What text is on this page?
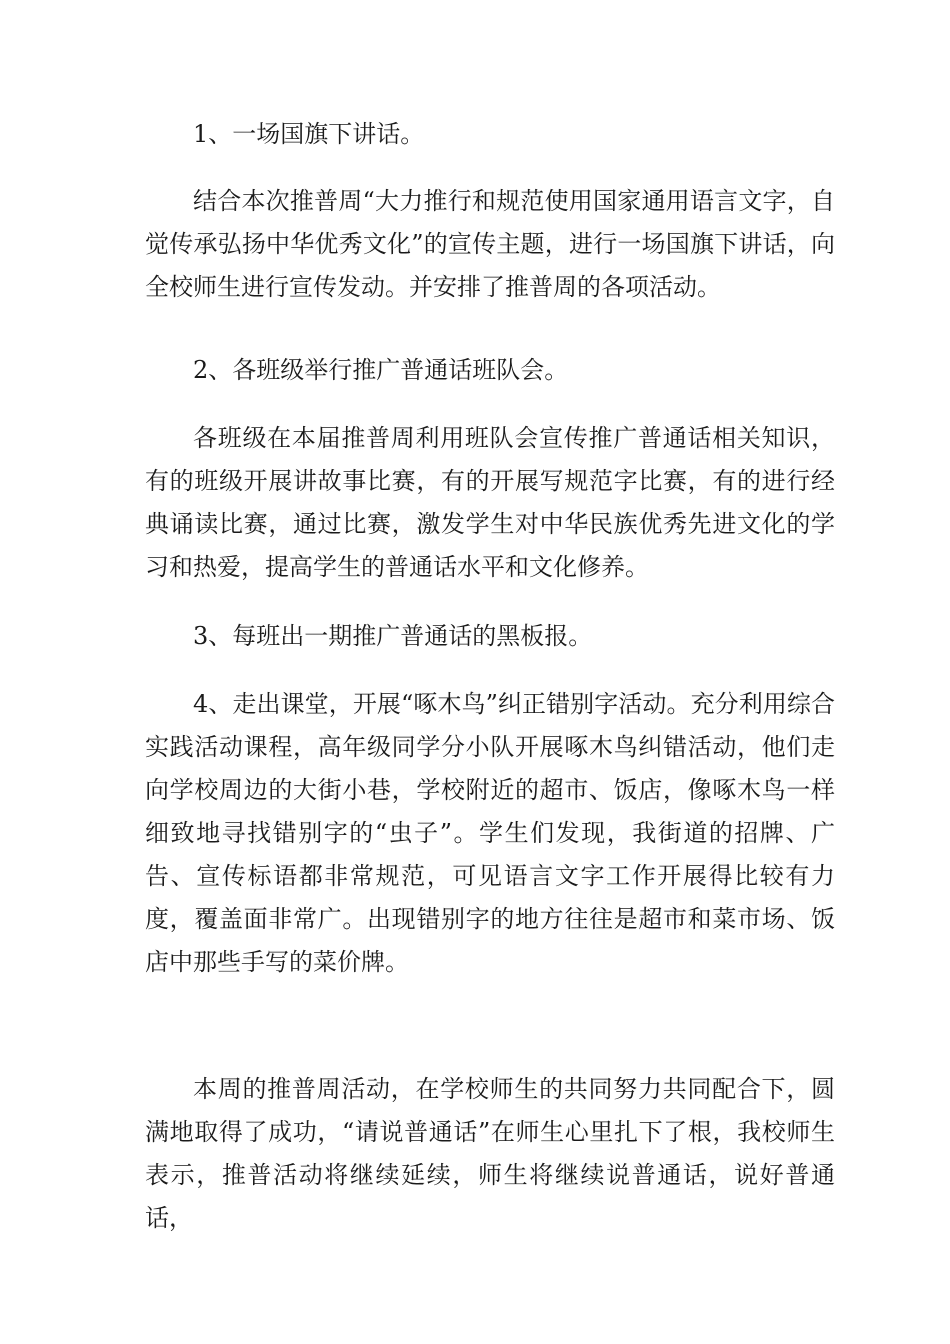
1、一场国旗下讲话。

结合本次推普周“大力推行和规范使用国家通用语言文字，自觉传承弘扬中华优秀文化”的宣传主题，进行一场国旗下讲话，向全校师生进行宣传发动。并安排了推普周的各项活动。

2、各班级举行推广普通话班队会。

各班级在本届推普周利用班队会宣传推广普通话相关知识，有的班级开展讲故事比赛，有的开展写规范字比赛，有的进行经典诵读比赛，通过比赛，激发学生对中华民族优秀先进文化的学习和热爱，提高学生的普通话水平和文化修养。

3、每班出一期推广普通话的黑板报。

4、走出课堂，开展“啄木鸟”纠正错别字活动。充分利用综合实践活动课程，高年级同学分小队开展啄木鸟纠错活动，他们走向学校周边的大街小巷，学校附近的超市、饭店，像啄木鸟一样细致地寻找错别字的“虫子”。学生们发现，我街道的招牌、广告、宣传标语都非常规范，可见语言文字工作开展得比较有力度，覆盖面非常广。出现错别字的地方往往是超市和菜市场、饭店中那些手写的菜价牌。

本周的推普周活动，在学校师生的共同努力共同配合下，圆满地取得了成功，“请说普通话”在师生心里扎下了根，我校师生表示，推普活动将继续延续，师生将继续说普通话，说好普通话，
